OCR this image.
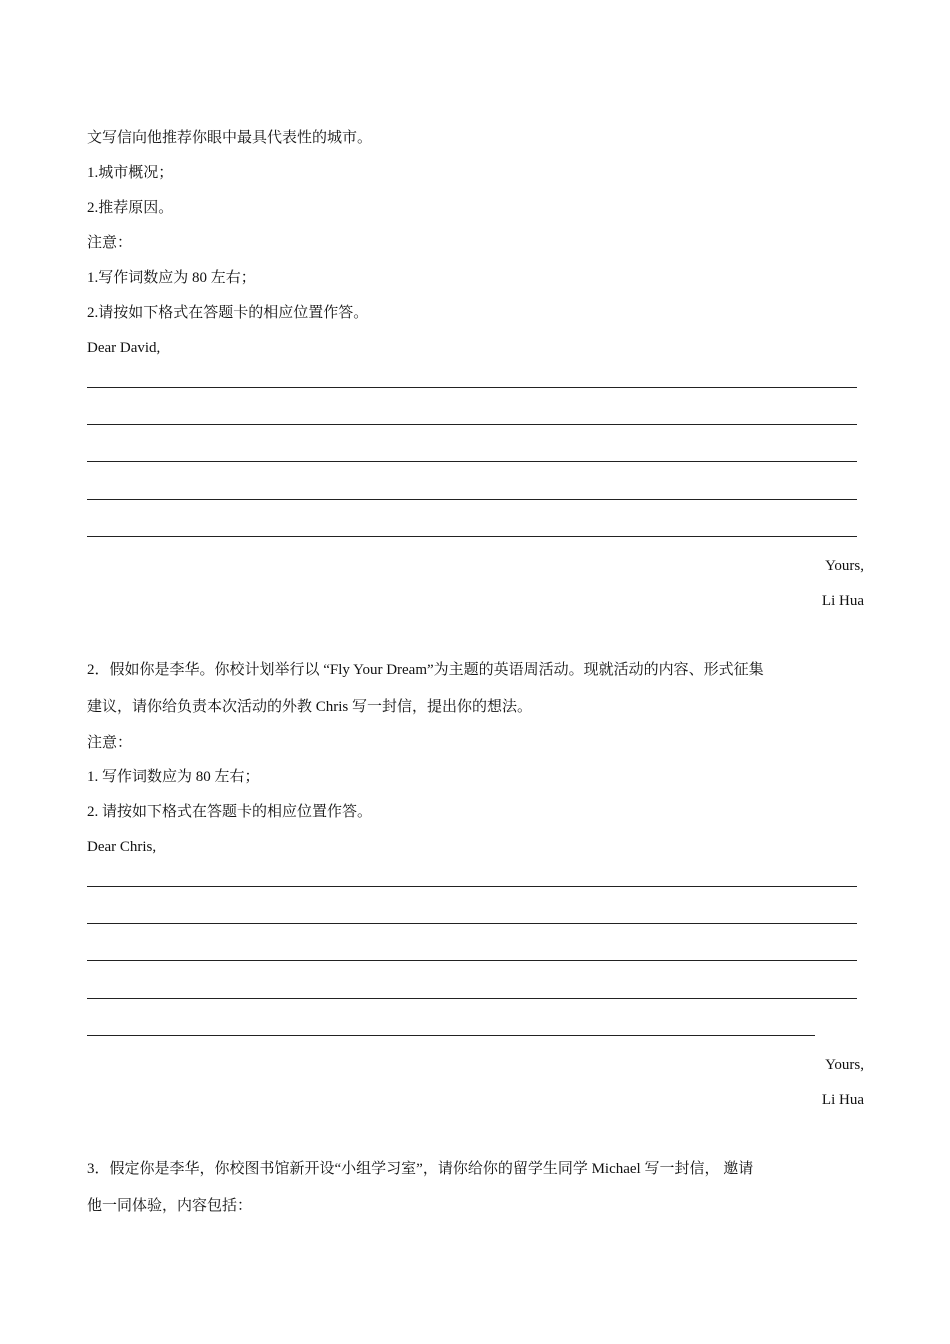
文写信向他推荐你眼中最具代表性的城市。
1.城市概况；
2.推荐原因。
注意：
1.写作词数应为 80 左右；
2.请按如下格式在答题卡的相应位置作答。
Dear David,
Yours,
Li Hua
2．假如你是李华。你校计划举行以 “Fly Your Dream”为主题的英语周活动。现就活动的内容、形式征集
建议，请你给负责本次活动的外教 Chris 写一封信，提出你的想法。
注意：
1. 写作词数应为 80 左右；
2. 请按如下格式在答题卡的相应位置作答。
Dear Chris,
Yours,
Li Hua
3．假定你是李华，你校图书馆新开设“小组学习室”，请你给你的留学生同学 Michael 写一封信， 邀请
他一同体验，内容包括：
